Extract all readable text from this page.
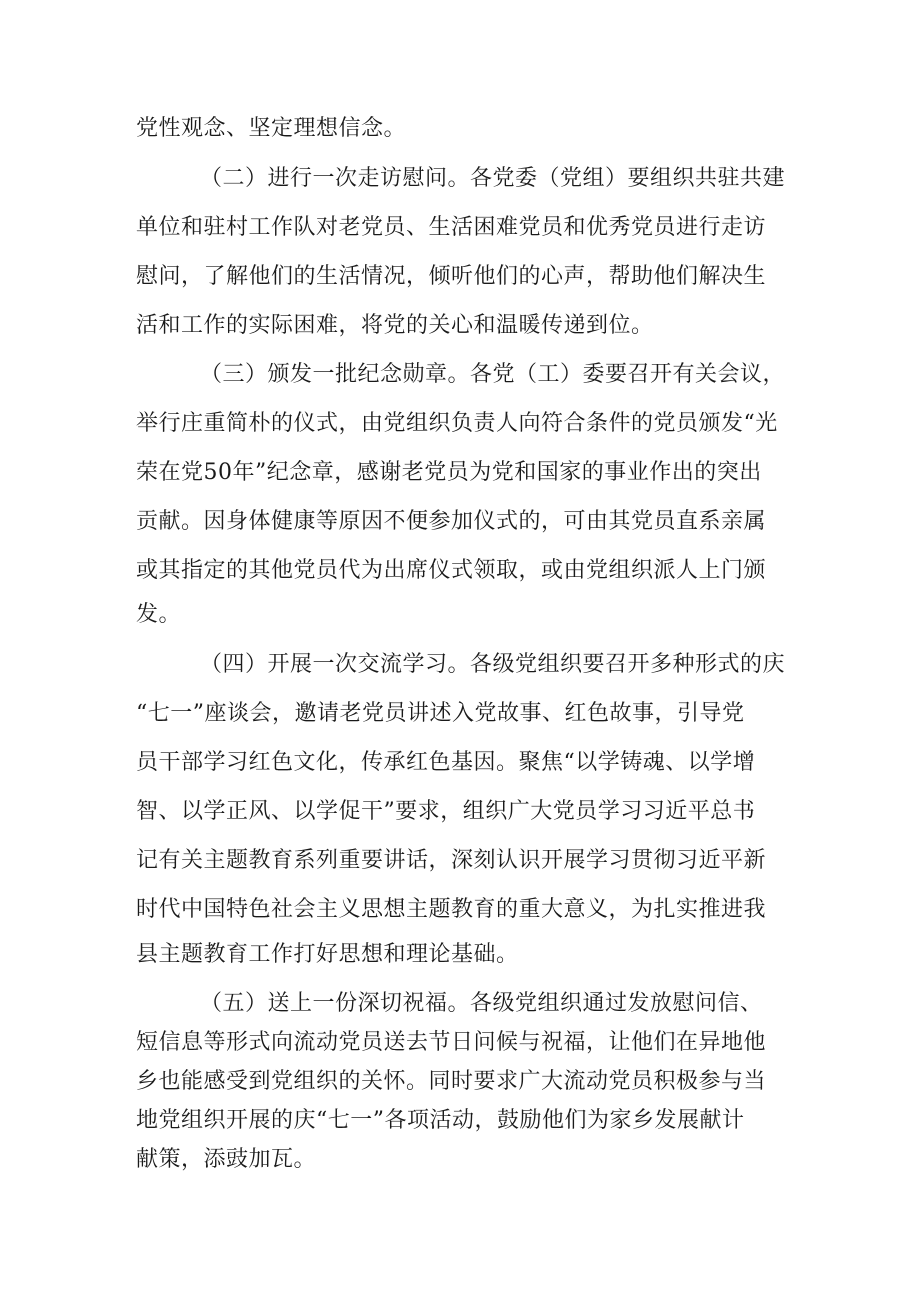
党性观念、坚定理想信念。

（二）进行一次走访慰问。各党委（党组）要组织共驻共建

单位和驻村工作队对老党员、生活困难党员和优秀党员进行走访

慰问，了解他们的生活情况，倾听他们的心声，帮助他们解决生

活和工作的实际困难，将党的关心和温暖传递到位。

（三）颁发一批纪念勋章。各党（工）委要召开有关会议，

举行庄重简朴的仪式，由党组织负责人向符合条件的党员颁发“光

荣在党50年”纪念章，感谢老党员为党和国家的事业作出的突出

贡献。因身体健康等原因不便参加仪式的，可由其党员直系亲属

或其指定的其他党员代为出席仪式领取，或由党组织派人上门颁

发。

（四）开展一次交流学习。各级党组织要召开多种形式的庆

“七一”座谈会，邀请老党员讲述入党故事、红色故事，引导党

员干部学习红色文化，传承红色基因。聚焦“以学铸魂、以学增

智、以学正风、以学促干”要求，组织广大党员学习习近平总书

记有关主题教育系列重要讲话，深刻认识开展学习贯彻习近平新

时代中国特色社会主义思想主题教育的重大意义，为扎实推进我

县主题教育工作打好思想和理论基础。

（五）送上一份深切祝福。各级党组织通过发放慰问信、

短信息等形式向流动党员送去节日问候与祝福，让他们在异地他

乡也能感受到党组织的关怀。同时要求广大流动党员积极参与当

地党组织开展的庆“七一”各项活动，鼓励他们为家乡发展献计

献策，添豉加瓦。
